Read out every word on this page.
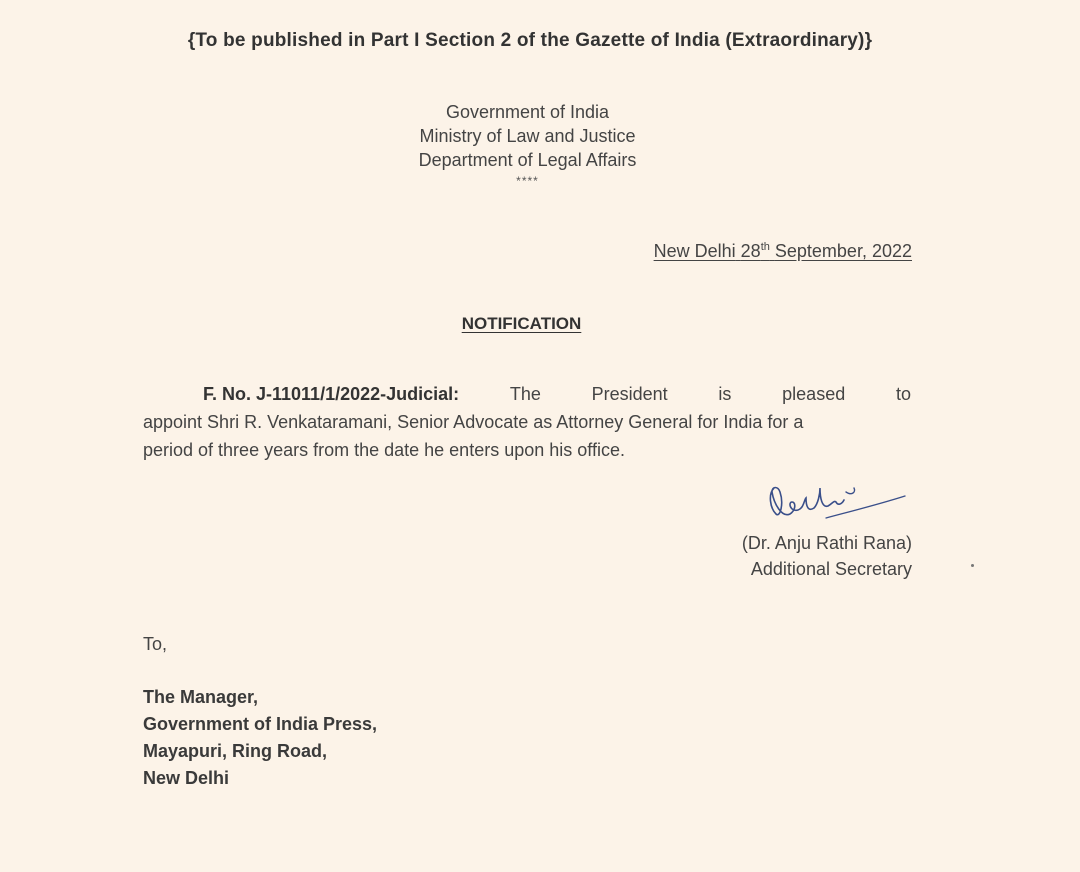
{To be published in Part I Section 2 of the Gazette of India (Extraordinary)}
Government of India
Ministry of Law and Justice
Department of Legal Affairs
****
New Delhi 28th September, 2022
NOTIFICATION
F. No. J-11011/1/2022-Judicial:	The	President	is	pleased	to
appoint Shri R. Venkataramani, Senior Advocate as Attorney General for India for a
period of three years from the date he enters upon his office.
(Dr. Anju Rathi Rana)
Additional Secretary
To,
The Manager,
Government of India Press,
Mayapuri, Ring Road,
New Delhi
